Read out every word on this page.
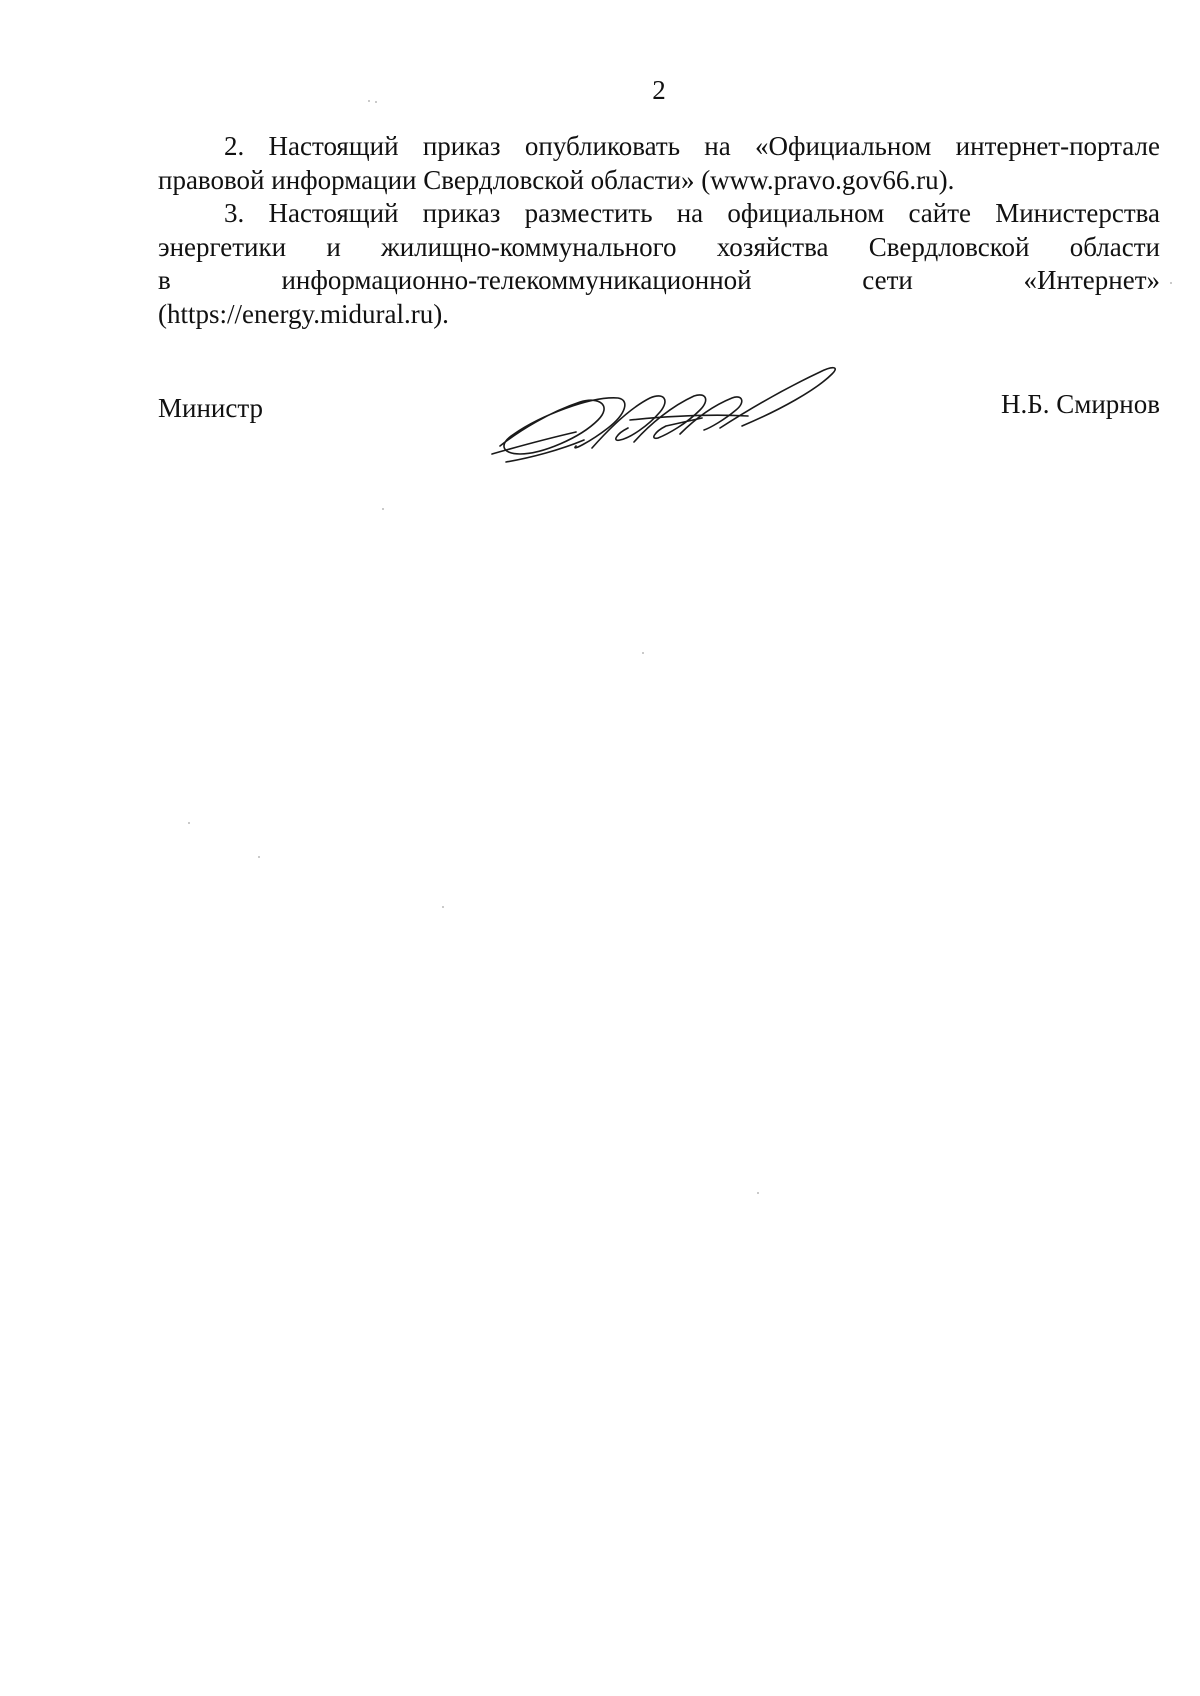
2
2. Настоящий приказ опубликовать на «Официальном интернет-портале
правовой информации Свердловской области» (www.pravo.gov66.ru).
3. Настоящий приказ разместить на официальном сайте Министерства
энергетики и жилищно-коммунального хозяйства Свердловской области
в информационно-телекоммуникационной сети «Интернет»
(https://energy.midural.ru).
Министр	Н.Б. Смирнов
